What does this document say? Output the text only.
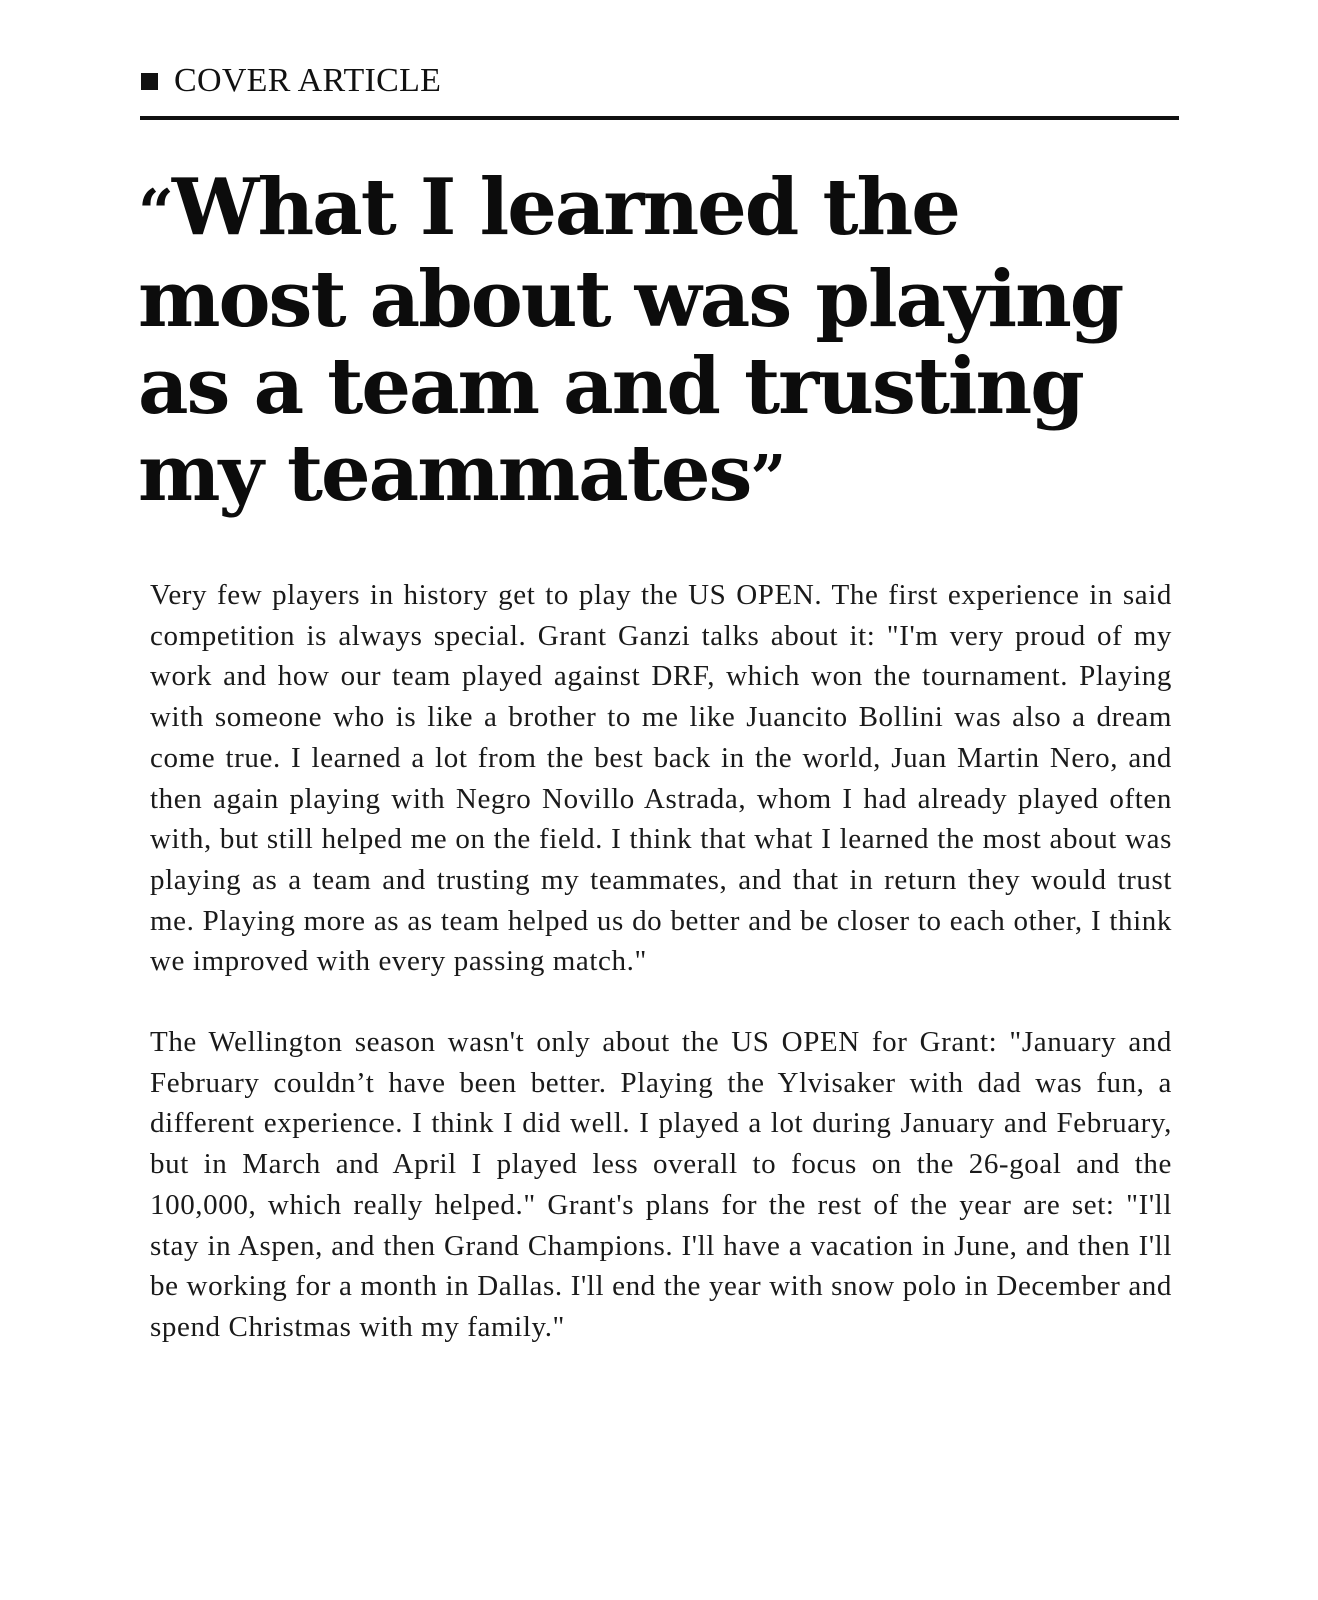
COVER ARTICLE
“What I learned the
most about was playing
as a team and trusting
my teammates”

Very few players in history get to play the US OPEN. The first experience in said competition is always special. Grant Ganzi talks about it: "I'm very proud of my work and how our team played against DRF, which won the tournament. Playing with someone who is like a brother to me like Juancito Bollini was also a dream come true. I learned a lot from the best back in the world, Juan Martin Nero, and then again playing with Negro Novillo Astrada, whom I had already played often with, but still helped me on the field. I think that what I learned the most about was playing as a team and trusting my teammates, and that in return they would trust me. Playing more as as team helped us do better and be closer to each other, I think we improved with every passing match."

The Wellington season wasn't only about the US OPEN for Grant: "January and February couldn’t have been better. Playing the Ylvisaker with dad was fun, a different experience. I think I did well. I played a lot during January and February, but in March and April I played less overall to focus on the 26-goal and the 100,000, which really helped." Grant's plans for the rest of the year are set: "I'll stay in Aspen, and then Grand Champions. I'll have a vacation in June, and then I'll be working for a month in Dallas. I'll end the year with snow polo in December and spend Christmas with my family."
